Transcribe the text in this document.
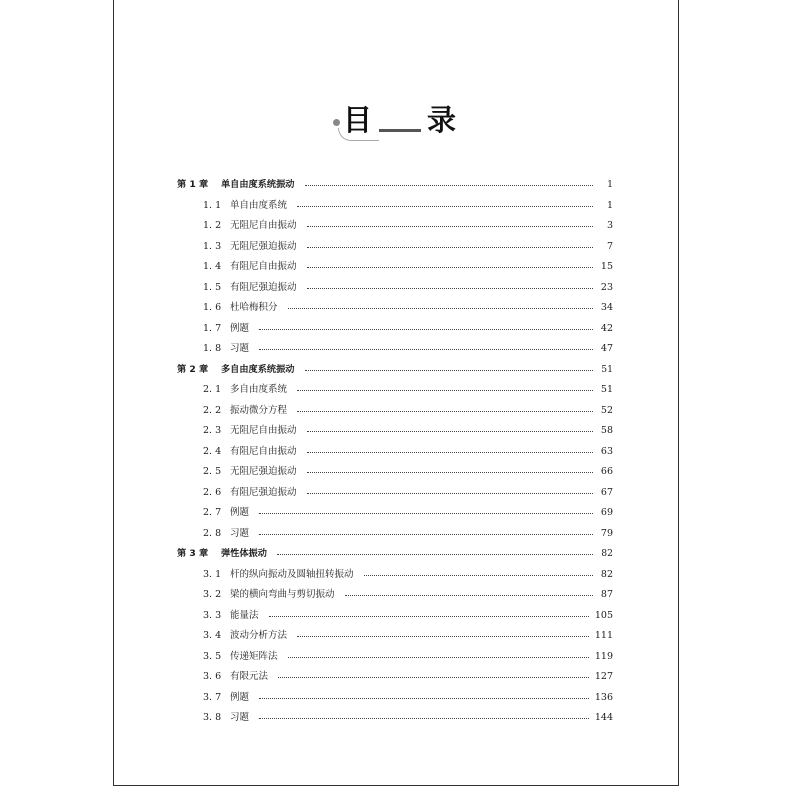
目 录
第 1 章	单自由度系统振动	1
1. 1 单自由度系统	1
1. 2 无阻尼自由振动	3
1. 3 无阻尼强迫振动	7
1. 4 有阻尼自由振动	15
1. 5 有阻尼强迫振动	23
1. 6 杜哈梅积分	34
1. 7 例题	42
1. 8 习题	47
第 2 章	多自由度系统振动	51
2. 1 多自由度系统	51
2. 2 振动微分方程	52
2. 3 无阻尼自由振动	58
2. 4 有阻尼自由振动	63
2. 5 无阻尼强迫振动	66
2. 6 有阻尼强迫振动	67
2. 7 例题	69
2. 8 习题	79
第 3 章	弹性体振动	82
3. 1 杆的纵向振动及圆轴扭转振动	82
3. 2 梁的横向弯曲与剪切振动	87
3. 3 能量法	105
3. 4 波动分析方法	111
3. 5 传递矩阵法	119
3. 6 有限元法	127
3. 7 例题	136
3. 8 习题	144
